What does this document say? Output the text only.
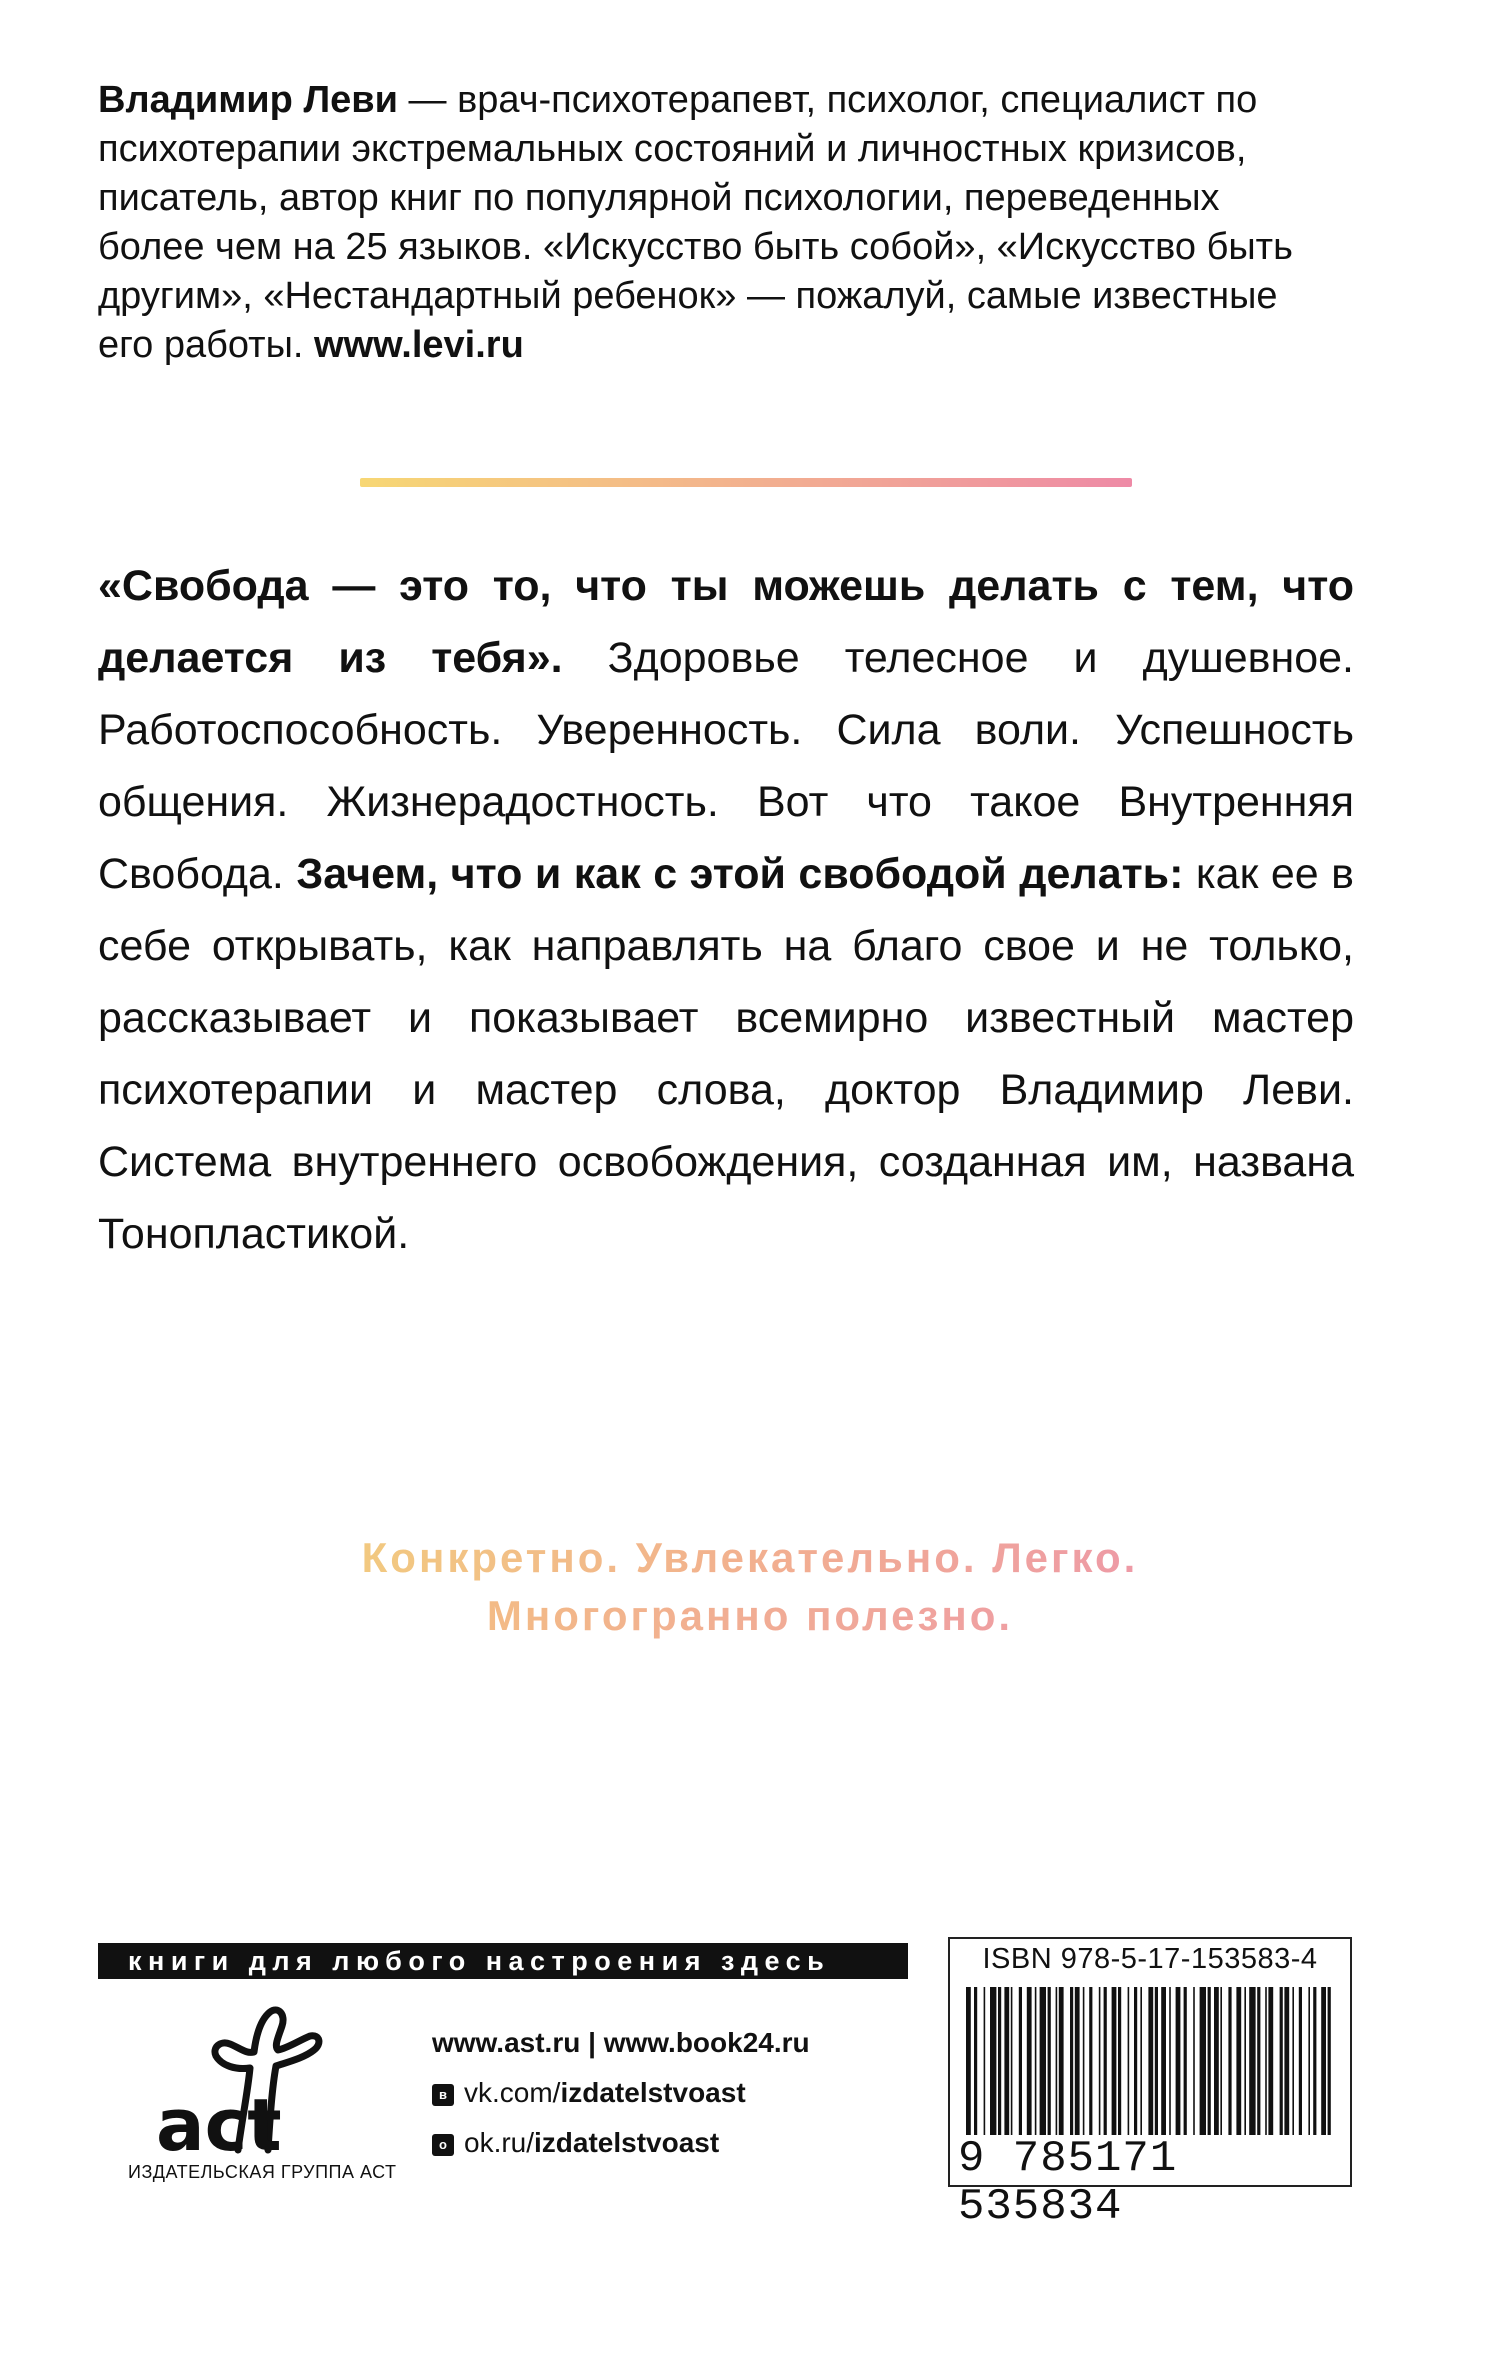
Владимир Леви — врач-психотерапевт, психолог, специалист по психотерапии экстремальных состояний и личностных кризисов, писатель, автор книг по популярной психологии, переведенных более чем на 25 языков. «Искусство быть собой», «Искусство быть другим», «Нестандартный ребенок» — пожалуй, самые известные его работы. www.levi.ru
«Свобода — это то, что ты можешь делать с тем, что делается из тебя». Здоровье телесное и душевное. Работоспособность. Уверенность. Сила воли. Успешность общения. Жизнерадостность. Вот что такое Внутренняя Свобода. Зачем, что и как с этой свободой делать: как ее в себе открывать, как направлять на благо свое и не только, рассказывает и показывает всемирно известный мастер психотерапии и мастер слова, доктор Владимир Леви. Система внутреннего освобождения, созданная им, названа Тонопластикой.
Конкретно. Увлекательно. Легко.
Многогранно полезно.
книги для любого настроения здесь
act
ИЗДАТЕЛЬСКАЯ ГРУППА АСТ
www.ast.ru | www.book24.ru
в vk.com/izdatelstvoast
о ok.ru/izdatelstvoast
ISBN 978-5-17-153583-4
9 785171 535834
